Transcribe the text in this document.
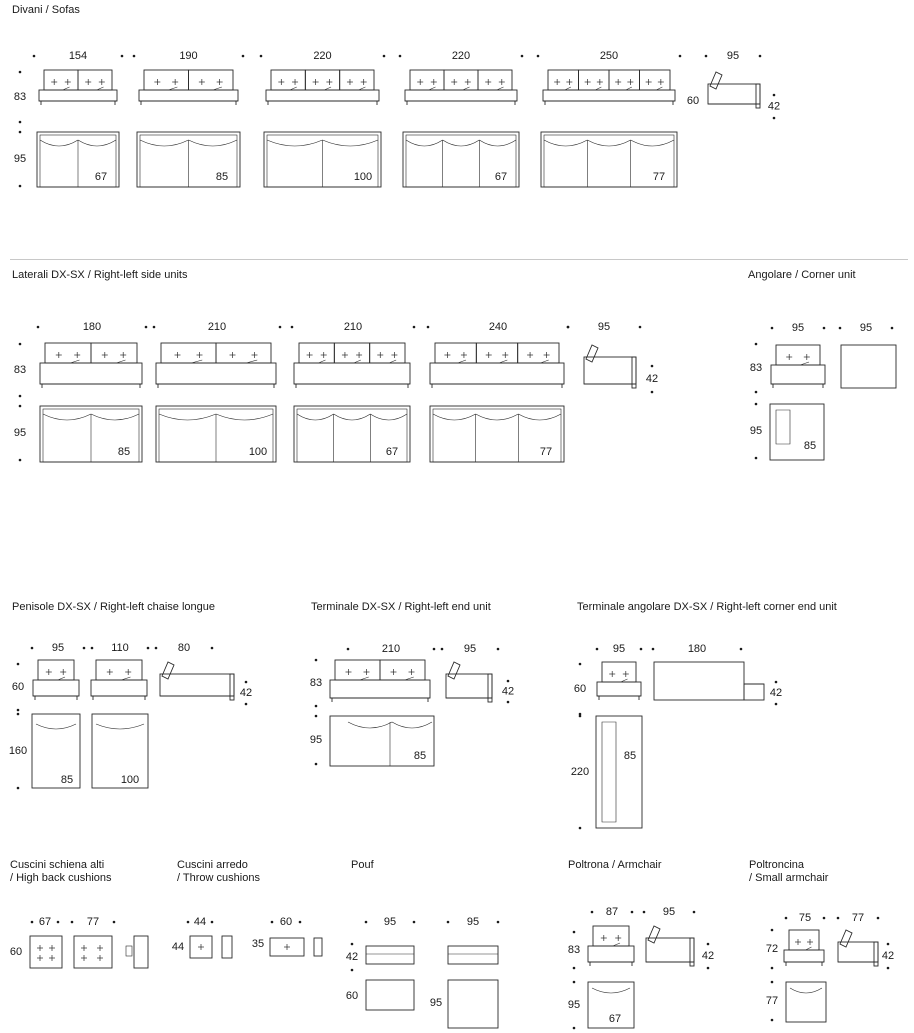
Divani / Sofas
Laterali DX-SX / Right-left side units	Angolare / Corner unit
Penisole DX-SX / Right-left chaise longue	Terminale DX-SX / Right-left end unit	Terminale angolare DX-SX / Right-left corner end unit
Cuscini schiena alti
/ High back cushions
Cuscini arredo
/ Throw cushions
Pouf	Poltrona / Armchair	Poltroncina
/ Small armchair
154
67
190
85
220
100
220
67
250
77
95
60	42
83
95
180
85
210
100
210
67
240
77
95
42
83
95
95	95
85
83
95
95	110	80
42
60
85	100
160
210	95
42
83
85
95
95	180
42
60
85
220
67	77
60
44	60
44	35
95	95
42
60
95
87	95
42
83
67
95
75	77
42
72
77
